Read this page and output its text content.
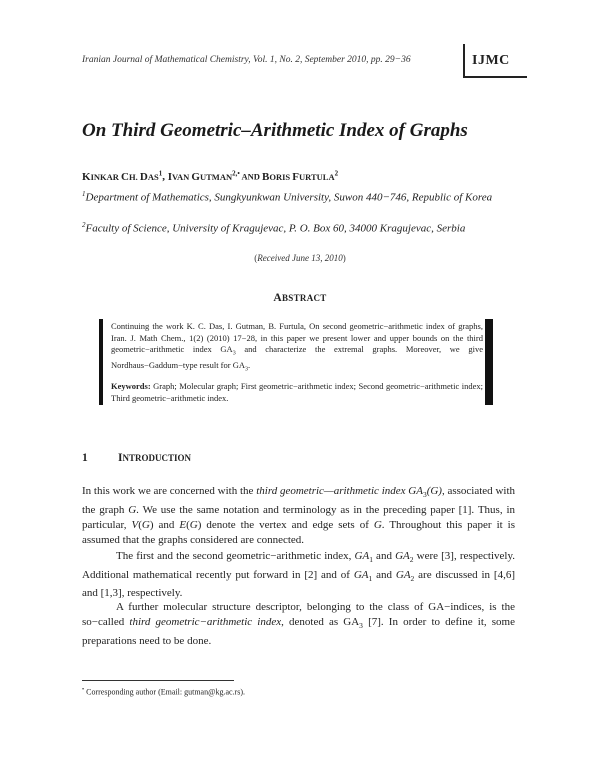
Iranian Journal of Mathematical Chemistry, Vol. 1, No. 2, September 2010, pp. 29−36	IJMC
On Third Geometric–Arithmetic Index of Graphs
KINKAR CH. DAS$^1$, IVAN $GUTMAN^{2,•}$ AND BORIS FURTULA$^2$
$^1$Department of Mathematics, Sungkyunkwan University, Suwon 440−746, Republic of Korea
$^2$Faculty of Science, University of Kragujevac, P. O. Box 60, 34000 Kragujevac, Serbia
(Received June 13, 2010)
ABSTRACT
Continuing the work K. C. Das, I. Gutman, B. Furtula, On second geometric−arithmetic index of graphs, Iran. J. Math Chem., 1(2) (2010) 17−28, in this paper we present lower and upper bounds on the third geometric−arithmetic index $GA_3$ and characterize the extremal graphs. Moreover, we give Nordhaus−Gaddum−type result for $GA_3$.
Keywords: Graph; Molecular graph; First geometric−arithmetic index; Second geometric−arithmetic index; Third geometric−arithmetic index.
1	INTRODUCTION
In this work we are concerned with the third geometric—arithmetic index $GA_3(G)$, associated with the graph G. We use the same notation and terminology as in the preceding paper [1]. Thus, in particular, V(G) and E(G) denote the vertex and edge sets of G. Throughout this paper it is assumed that the graphs considered are connected.
The first and the second geometric−arithmetic index, $GA_1$ and $GA_2$ were [3], respectively. Additional mathematical recently put forward in [2] and of $GA_1$ and $GA_2$ are discussed in [4,6] and [1,3], respectively.
A further molecular structure descriptor, belonging to the class of GA−indices, is the so−called third geometric−arithmetic index, denoted as $GA_3$ [7]. In order to define it, some preparations need to be done.
• Corresponding author (Email: gutman@kg.ac.rs).
